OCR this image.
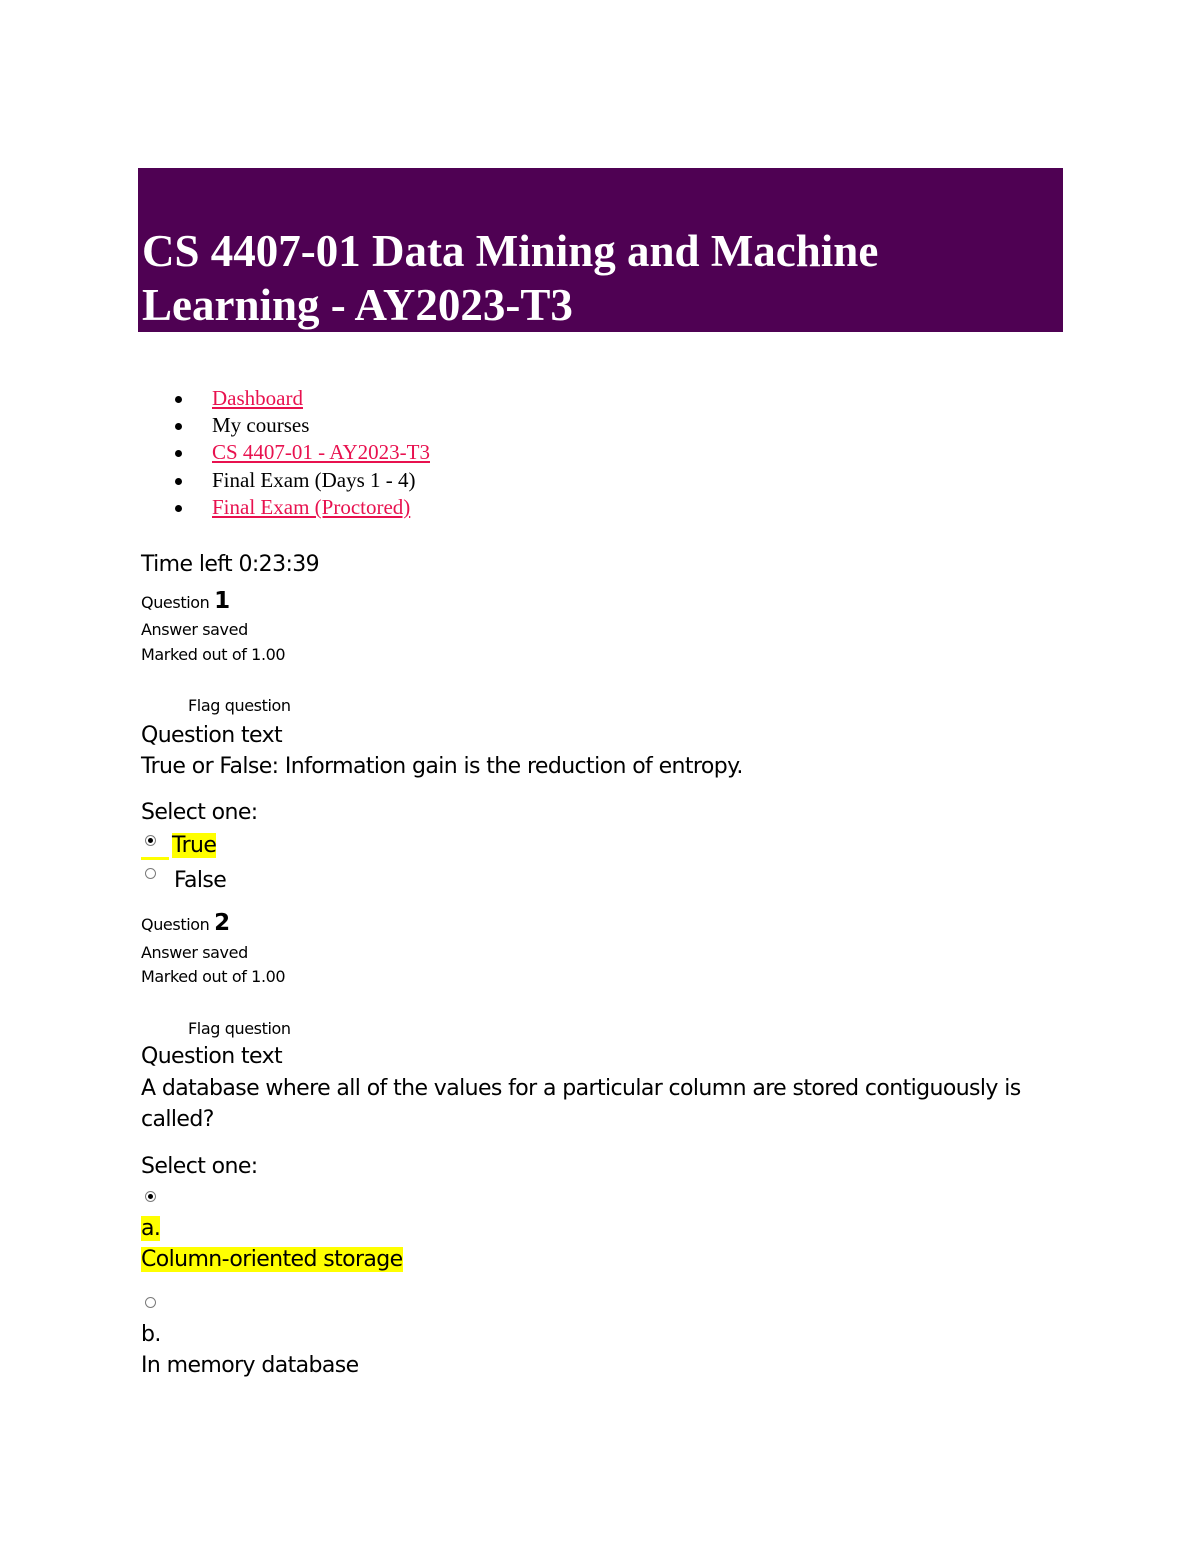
CS 4407-01 Data Mining and Machine Learning - AY2023-T3
Dashboard
My courses
CS 4407-01 - AY2023-T3
Final Exam (Days 1 - 4)
Final Exam (Proctored)
Time left 0:23:39
Question 1
Answer saved
Marked out of 1.00
Flag question
Question text
True or False: Information gain is the reduction of entropy.
Select one:
True
False
Question 2
Answer saved
Marked out of 1.00
Flag question
Question text
A database where all of the values for a particular column are stored contiguously is
called?
Select one:
a.
Column-oriented storage
b.
In memory database
